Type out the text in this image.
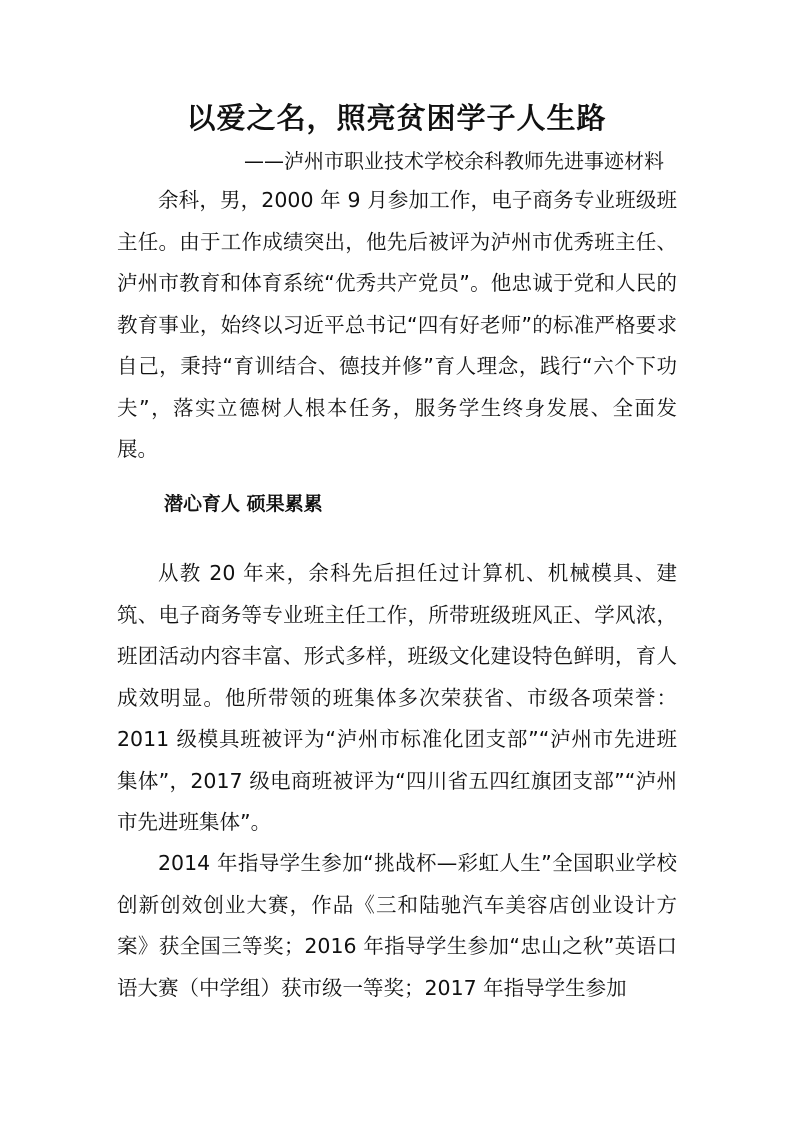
以爱之名，照亮贫困学子人生路
——泸州市职业技术学校余科教师先进事迹材料

余科，男，2000 年 9 月参加工作，电子商务专业班级班主任。由于工作成绩突出，他先后被评为泸州市优秀班主任、泸州市教育和体育系统“优秀共产党员”。他忠诚于党和人民的教育事业，始终以习近平总书记“四有好老师”的标准严格要求自己，秉持“育训结合、德技并修”育人理念，践行“六个下功夫”，落实立德树人根本任务，服务学生终身发展、全面发展。

潜心育人 硕果累累

从教 20 年来，余科先后担任过计算机、机械模具、建筑、电子商务等专业班主任工作，所带班级班风正、学风浓，班团活动内容丰富、形式多样，班级文化建设特色鲜明，育人成效明显。他所带领的班集体多次荣获省、市级各项荣誉：2011 级模具班被评为“泸州市标准化团支部”“泸州市先进班集体”，2017 级电商班被评为“四川省五四红旗团支部”“泸州市先进班集体”。

2014 年指导学生参加“挑战杯—彩虹人生”全国职业学校创新创效创业大赛，作品《三和陆驰汽车美容店创业设计方案》获全国三等奖；2016 年指导学生参加“忠山之秋”英语口语大赛（中学组）获市级一等奖；2017 年指导学生参加
